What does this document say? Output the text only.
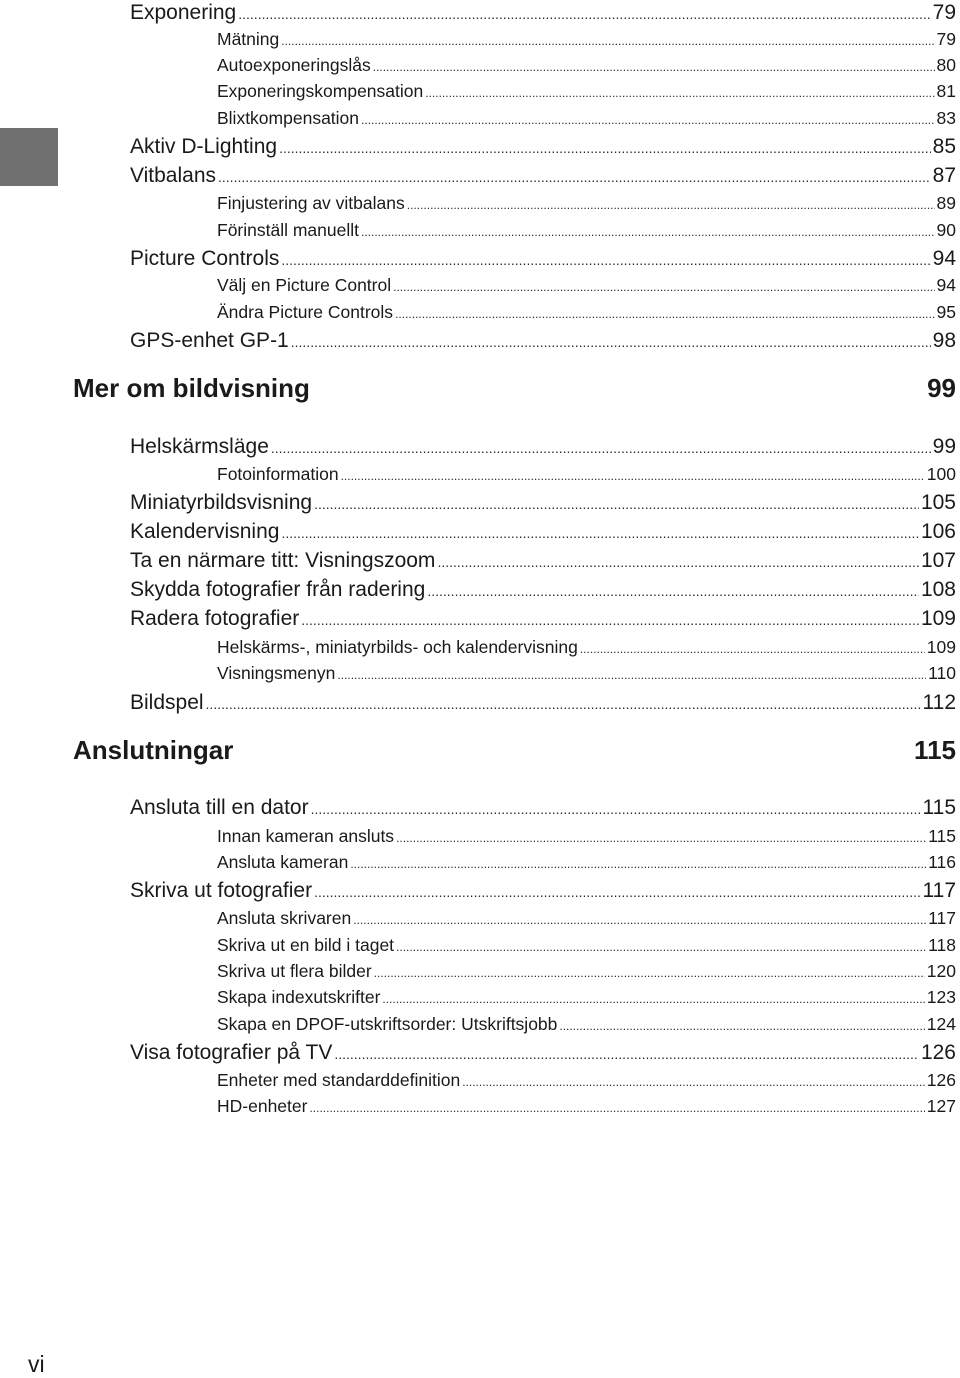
Exponering .....	79
Mätning .....	79
Autoexponeringslås .....	80
Exponeringskompensation .....	81
Blixtkompensation .....	83
Aktiv D-Lighting .....	85
Vitbalans .....	87
Finjustering av vitbalans .....	89
Förinställ manuellt .....	90
Picture Controls .....	94
Välj en Picture Control .....	94
Ändra Picture Controls .....	95
GPS-enhet GP-1 .....	98
Mer om bildvisning	99
Helskärmsläge .....	99
Fotoinformation .....	100
Miniatyrbildsvisning .....	105
Kalendervisning .....	106
Ta en närmare titt: Visningszoom .....	107
Skydda fotografier från radering .....	108
Radera fotografier .....	109
Helskärms-, miniatyrbilds- och kalendervisning .....	109
Visningsmenyn .....	110
Bildspel .....	112
Anslutningar	115
Ansluta till en dator .....	115
Innan kameran ansluts .....	115
Ansluta kameran .....	116
Skriva ut fotografier .....	117
Ansluta skrivaren .....	117
Skriva ut en bild i taget .....	118
Skriva ut flera bilder .....	120
Skapa indexutskrifter .....	123
Skapa en DPOF-utskriftsorder: Utskriftsjobb .....	124
Visa fotografier på TV .....	126
Enheter med standarddefinition .....	126
HD-enheter .....	127
vi
